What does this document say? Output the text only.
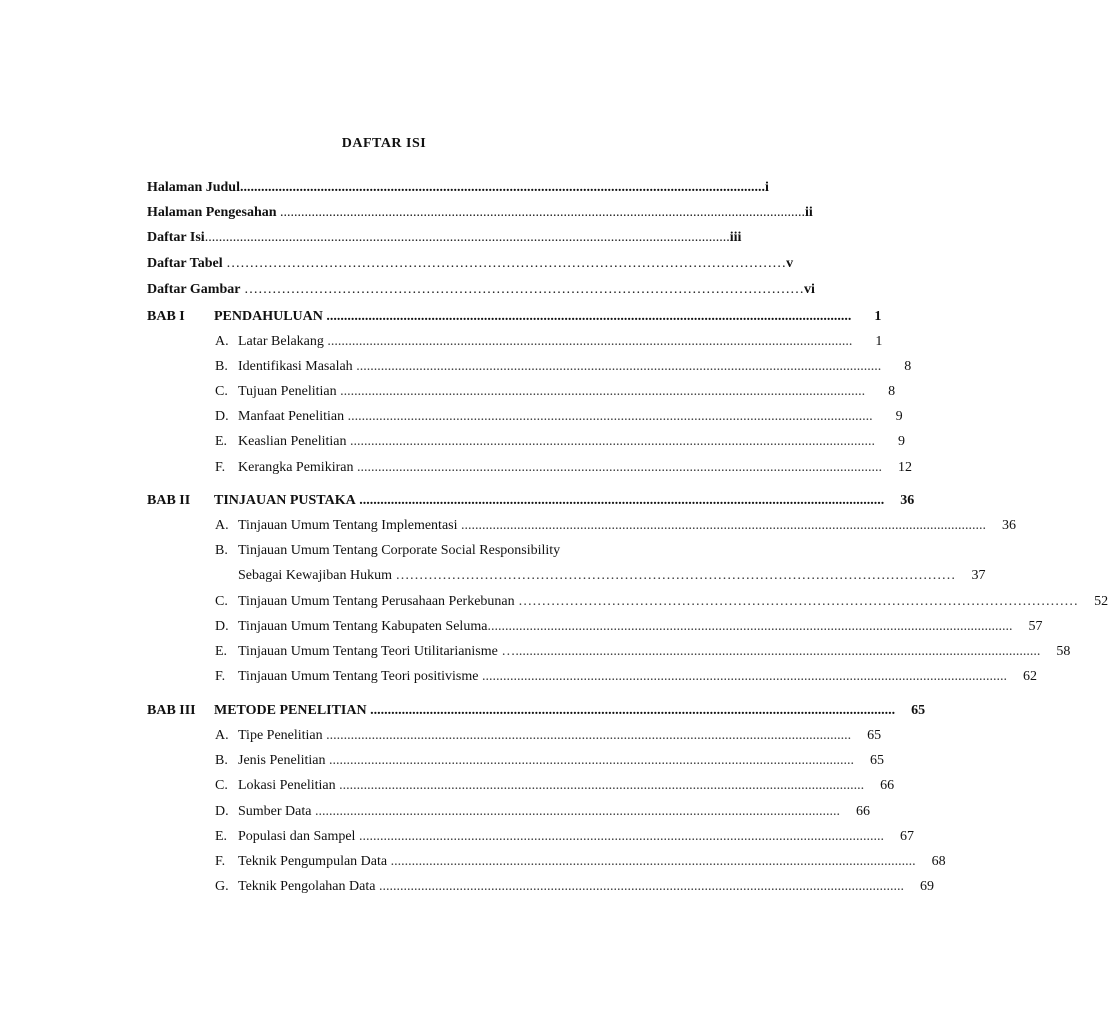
DAFTAR ISI
Halaman Judul ...................................................................................................................................................... i
Halaman Pengesahan ...................................................................................................................................................... ii
Daftar Isi ...................................................................................................................................................... iii
Daftar Tabel ………………………………………………………………………………………………………… v
Daftar Gambar ………………………………………………………………………………………………………… vi
BAB I PENDAHULUAN ......................................................................................................................................................	1
A. Latar Belakang ......................................................................................................................................................	1
B. Identifikasi Masalah ......................................................................................................................................................	8
C. Tujuan Penelitian ......................................................................................................................................................	8
D. Manfaat Penelitian ......................................................................................................................................................	9
E. Keaslian Penelitian ......................................................................................................................................................	9
F. Kerangka Pemikiran ......................................................................................................................................................	12
BAB II TINJAUAN PUSTAKA ......................................................................................................................................................	36
A. Tinjauan Umum Tentang Implementasi ......................................................................................................................................................	36
B. Tinjauan Umum Tentang Corporate Social Responsibility
Sebagai Kewajiban Hukum …………………………………………………………………………………………………………	37
C. Tinjauan Umum Tentang Perusahaan Perkebunan …………………………………………………………………………………………………………	52
D. Tinjauan Umum Tentang Kabupaten Seluma ......................................................................................................................................................	57
E. Tinjauan Umum Tentang Teori Utilitarianisme …......................................................................................................................................................	58
F. Tinjauan Umum Tentang Teori positivisme ......................................................................................................................................................	62
BAB III METODE PENELITIAN ......................................................................................................................................................	65
A. Tipe Penelitian ......................................................................................................................................................	65
B. Jenis Penelitian ......................................................................................................................................................	65
C. Lokasi Penelitian ......................................................................................................................................................	66
D. Sumber Data ......................................................................................................................................................	66
E. Populasi dan Sampel ......................................................................................................................................................	67
F. Teknik Pengumpulan Data ......................................................................................................................................................	68
G. Teknik Pengolahan Data ......................................................................................................................................................	69
